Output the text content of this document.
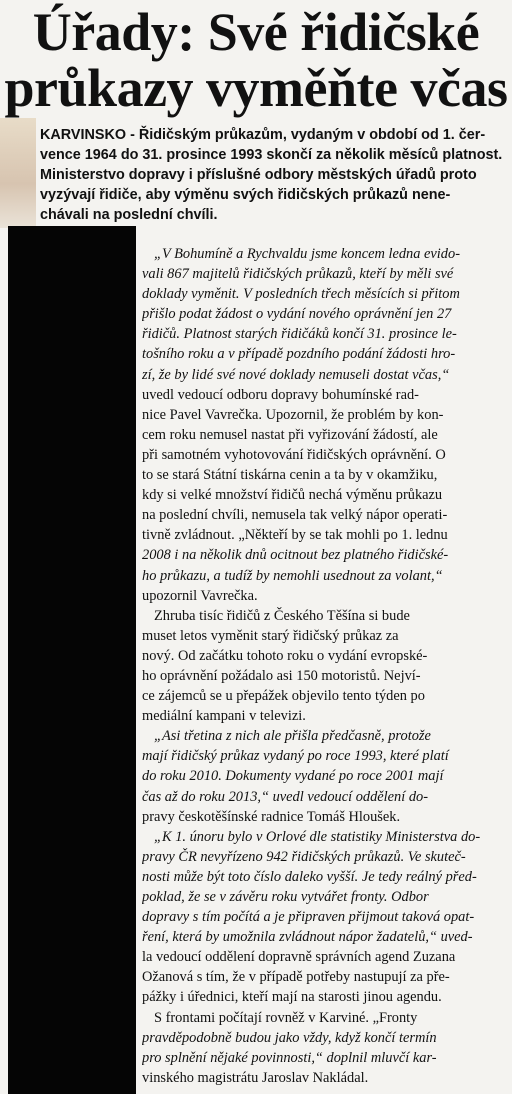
Úřady: Své řidičské
průkazy vyměňte včas
KARVINSKO - Řidičským průkazům, vydaným v období od 1. čer-
vence 1964 do 31. prosince 1993 skončí za několik měsíců platnost.
Ministerstvo dopravy i příslušné odbory městských úřadů proto
vyzývají řidiče, aby výměnu svých řidičských průkazů nene-
chávali na poslední chvíli.
„V Bohumíně a Rychvaldu jsme koncem ledna evido-
vali 867 majitelů řidičských průkazů, kteří by měli své
doklady vyměnit. V posledních třech měsících si přitom
přišlo podat žádost o vydání nového oprávnění jen 27
řidičů. Platnost starých řidičáků končí 31. prosince le-
tošního roku a v případě pozdního podání žádosti hro-
zí, že by lidé své nové doklady nemuseli dostat včas,“
uvedl vedoucí odboru dopravy bohumínské rad-
nice Pavel Vavrečka. Upozornil, že problém by kon-
cem roku nemusel nastat při vyřizování žádostí, ale
při samotném vyhotovování řidičských oprávnění. O
to se stará Státní tiskárna cenin a ta by v okamžiku,
kdy si velké množství řidičů nechá výměnu průkazu
na poslední chvíli, nemusela tak velký nápor operati-
tivně zvládnout. „Někteří by se tak mohli po 1. lednu
2008 i na několik dnů ocitnout bez platného řidičské-
ho průkazu, a tudíž by nemohli usednout za volant,“
upozornil Vavrečka.
Zhruba tisíc řidičů z Českého Těšína si bude
muset letos vyměnit starý řidičský průkaz za
nový. Od začátku tohoto roku o vydání evropské-
ho oprávnění požádalo asi 150 motoristů. Nejví-
ce zájemců se u přepážek objevilo tento týden po
mediální kampani v televizi.
„Asi třetina z nich ale přišla předčasně, protože
mají řidičský průkaz vydaný po roce 1993, které platí
do roku 2010. Dokumenty vydané po roce 2001 mají
čas až do roku 2013,“ uvedl vedoucí oddělení do-
pravy českotěšínské radnice Tomáš Hloušek.
„K 1. únoru bylo v Orlové dle statistiky Ministerstva do-
pravy ČR nevyřízeno 942 řidičských průkazů. Ve skuteč-
nosti může být toto číslo daleko vyšší. Je tedy reálný před-
poklad, že se v závěru roku vytvářet fronty. Odbor
dopravy s tím počítá a je připraven přijmout taková opat-
ření, která by umožnila zvládnout nápor žadatelů,“ uved-
la vedoucí oddělení dopravně správních agend Zuzana
Ožanová s tím, že v případě potřeby nastupují za pře-
pážky i úřednici, kteří mají na starosti jinou agendu.
S frontami počítají rovněž v Karviné. „Fronty
pravděpodobně budou jako vždy, když končí termín
pro splnění nějaké povinnosti,“ doplnil mluvčí kar-
vinského magistrátu Jaroslav Nakládal.
